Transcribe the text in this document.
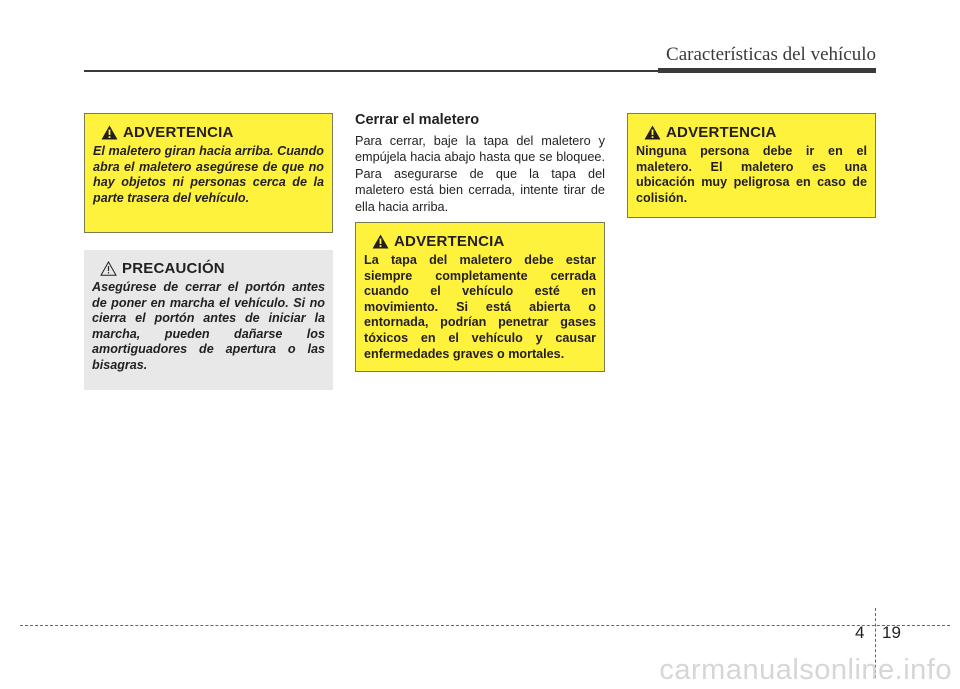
Características del vehículo
ADVERTENCIA
El maletero giran hacia arriba. Cuando abra el maletero asegúrese de que no hay objetos ni personas cerca de la parte trasera del vehículo.
PRECAUCIÓN
Asegúrese de cerrar el portón antes de poner en marcha el vehículo. Si no cierra el portón antes de iniciar la marcha, pueden dañarse los amortiguadores de apertura o las bisagras.
Cerrar el maletero
Para cerrar, baje la tapa del maletero y empújela hacia abajo hasta que se bloquee. Para asegurarse de que la tapa del maletero está bien cerrada, intente tirar de ella hacia arriba.
ADVERTENCIA
La tapa del maletero debe estar siempre completamente cerrada cuando el vehículo esté en movimiento. Si está abierta o entornada, podrían penetrar gases tóxicos en el vehículo y causar enfermedades graves o mortales.
ADVERTENCIA
Ninguna persona debe ir en el maletero. El maletero es una ubicación muy peligrosa en caso de colisión.
4 19
carmanualsonline.info
